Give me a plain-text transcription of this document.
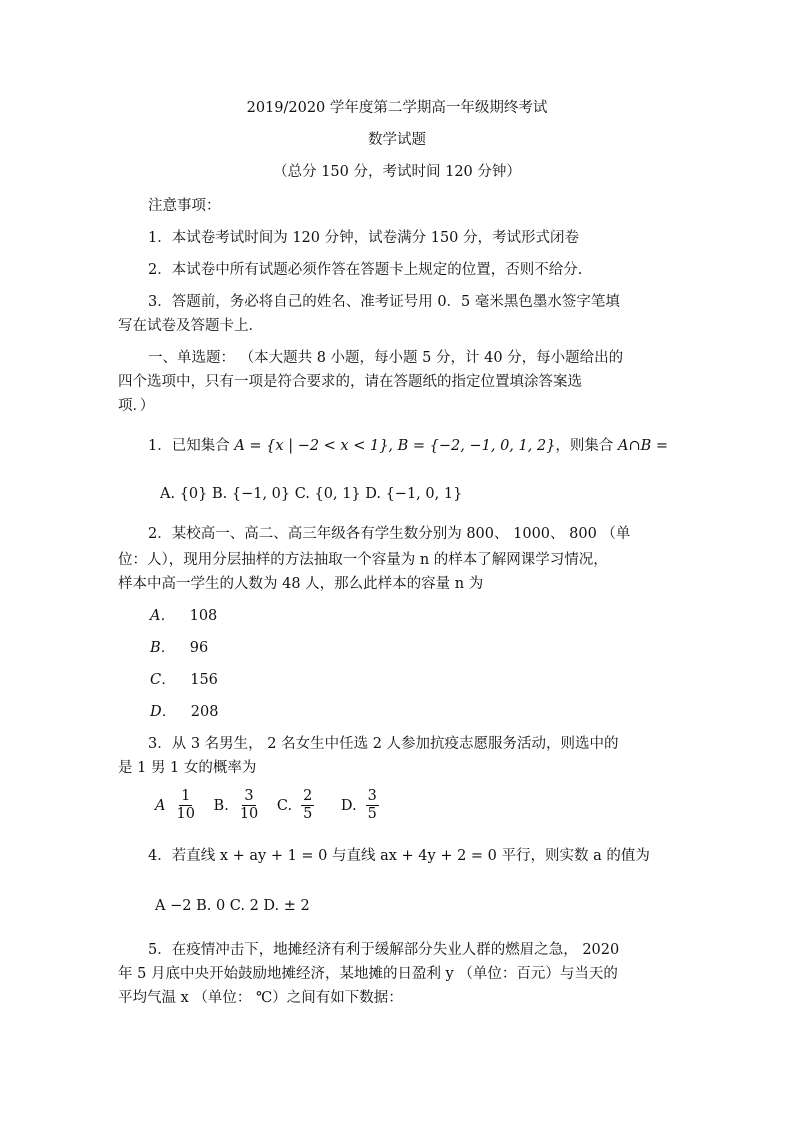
2019/2020 学年度第二学期高一年级期终考试
数学试题
（总分 150 分，考试时间 120 分钟）
注意事项：
1．本试卷考试时间为 120 分钟，试卷满分 150 分，考试形式闭卷
2．本试卷中所有试题必须作答在答题卡上规定的位置，否则不给分.
3．答题前，务必将自己的姓名、准考证号用 0．5 毫米黑色墨水签字笔填
写在试卷及答题卡上．
一、单选题： （本大题共 8 小题，每小题 5 分，计 40 分，每小题给出的
四个选项中，只有一项是符合要求的，请在答题纸的指定位置填涂答案选
项．）
1．已知集合 A = {x | −2 < x < 1}, B = {−2, −1, 0, 1, 2}，则集合 A∩B =
A. {0} B. {−1, 0} C. {0, 1} D. {−1, 0, 1}
2．某校高一、高二、高三年级各有学生数分别为 800、 1000、 800 （单
位：人），现用分层抽样的方法抽取一个容量为 n 的样本了解网课学习情况，
样本中高一学生的人数为 48 人，那么此样本的容量 n 为
A． 108
B． 96
C． 156
D． 208
3．从 3 名男生， 2 名女生中任选 2 人参加抗疫志愿服务活动，则选中的
是 1 男 1 女的概率为
A $\frac{1}{10} B$. $\frac{3}{10} C$. $\frac{2}{5} D$. $\frac{3}{5}$
4．若直线 x + ay + 1 = 0 与直线 ax + 4y + 2 = 0 平行，则实数 a 的值为
A −2 B. 0 C. 2 D. ± 2
5．在疫情冲击下，地摊经济有利于缓解部分失业人群的燃眉之急， 2020
年 5 月底中央开始鼓励地摊经济，某地摊的日盈利 y （单位：百元）与当天的
平均气温 x （单位： ℃）之间有如下数据：
